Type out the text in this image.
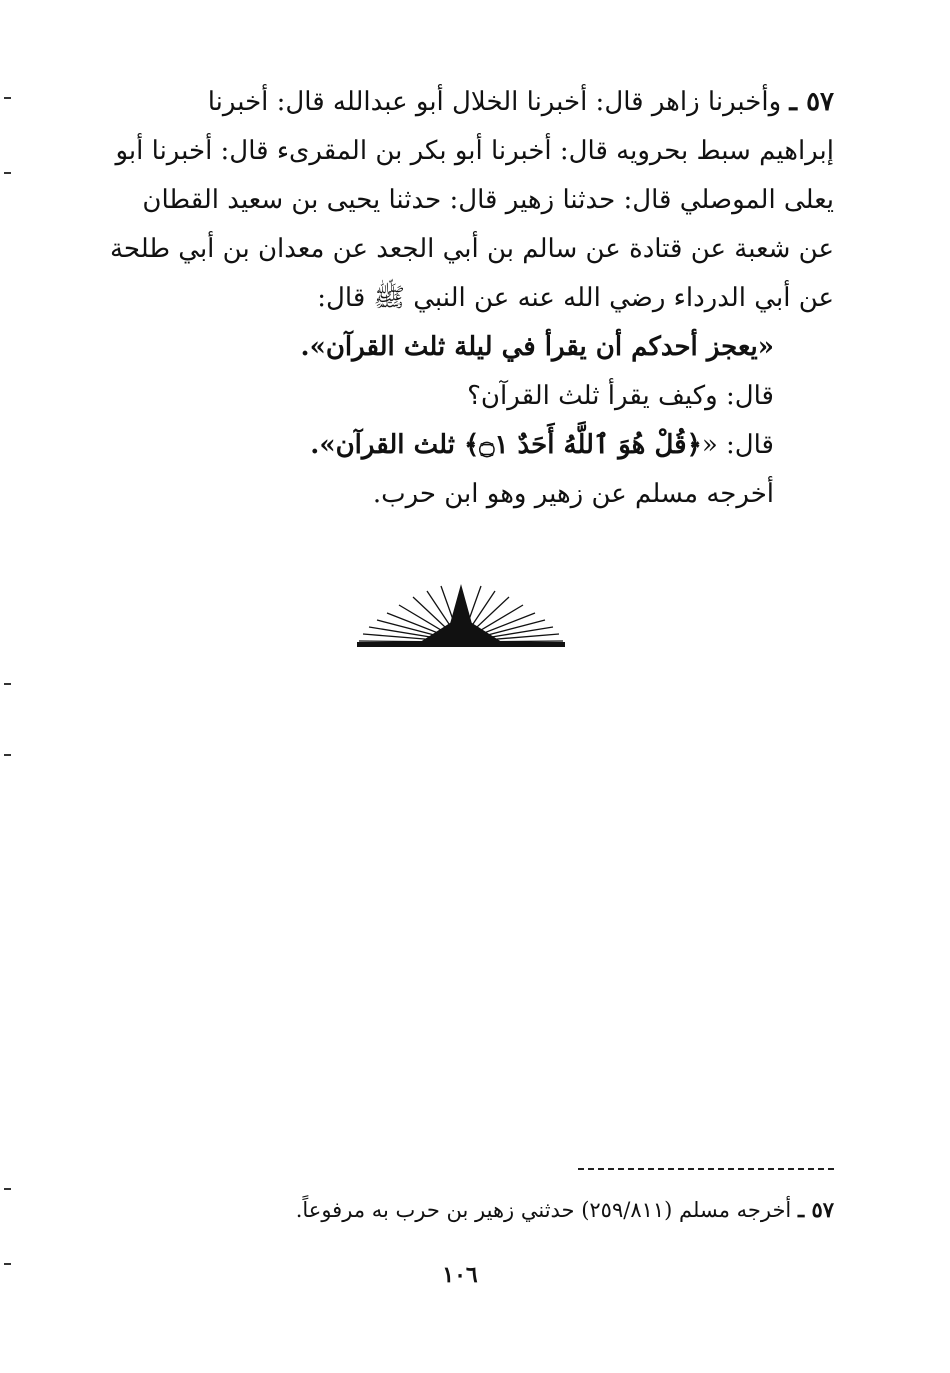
٥٧ ـ وأخبرنا زاهر قال: أخبرنا الخلال أبو عبدالله قال: أخبرنا

إبراهيم سبط بحرويه قال: أخبرنا أبو بكر بن المقرىء قال: أخبرنا أبو

يعلى الموصلي قال: حدثنا زهير قال: حدثنا يحيى بن سعيد القطان

عن شعبة عن قتادة عن سالم بن أبي الجعد عن معدان بن أبي طلحة

عن أبي الدرداء رضي الله عنه عن النبي ﷺ قال:

«يعجز أحدكم أن يقرأ في ليلة ثلث القرآن».

قال: وكيف يقرأ ثلث القرآن؟

قال: «﴿قُلْ هُوَ ٱللَّهُ أَحَدٌ ۝١﴾ ثلث القرآن».

أخرجه مسلم عن زهير وهو ابن حرب.

٥٧ ـ أخرجه مسلم (٢٥٩/٨١١) حدثني زهير بن حرب به مرفوعاً.
١٠٦
